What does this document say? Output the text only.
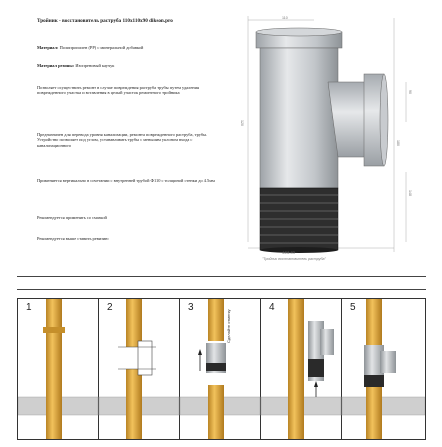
Тройник - восстановитель раструба 110x110x90 dikson.pro

Материал: Полипропилен (PP) с минеральной добавкой

Материал резины: Изопреновый каучук

Позволяет осуществить ремонт в случае повреждения раструба трубы путем удаления поврежденного участка и вставления в целый участок ремонтного тройника

Предназначен для перевода уровня канализации, ремонта поврежденного раструба, трубы. Устройство позволяет под углом, устанавливать трубы с меньшим уклоном входа с канализационного

Применяется вертикально в сочетании с внутренней трубой Ф110 с толщиной стенки до 4.5мм

Рекомендуется применять со смазкой

Рекомендуется выше ставить ревизию

110
120
90
148
180
4411-03
"Тройник восстановитель раструба"
1	2	3	4	5
Сделайте отметку
